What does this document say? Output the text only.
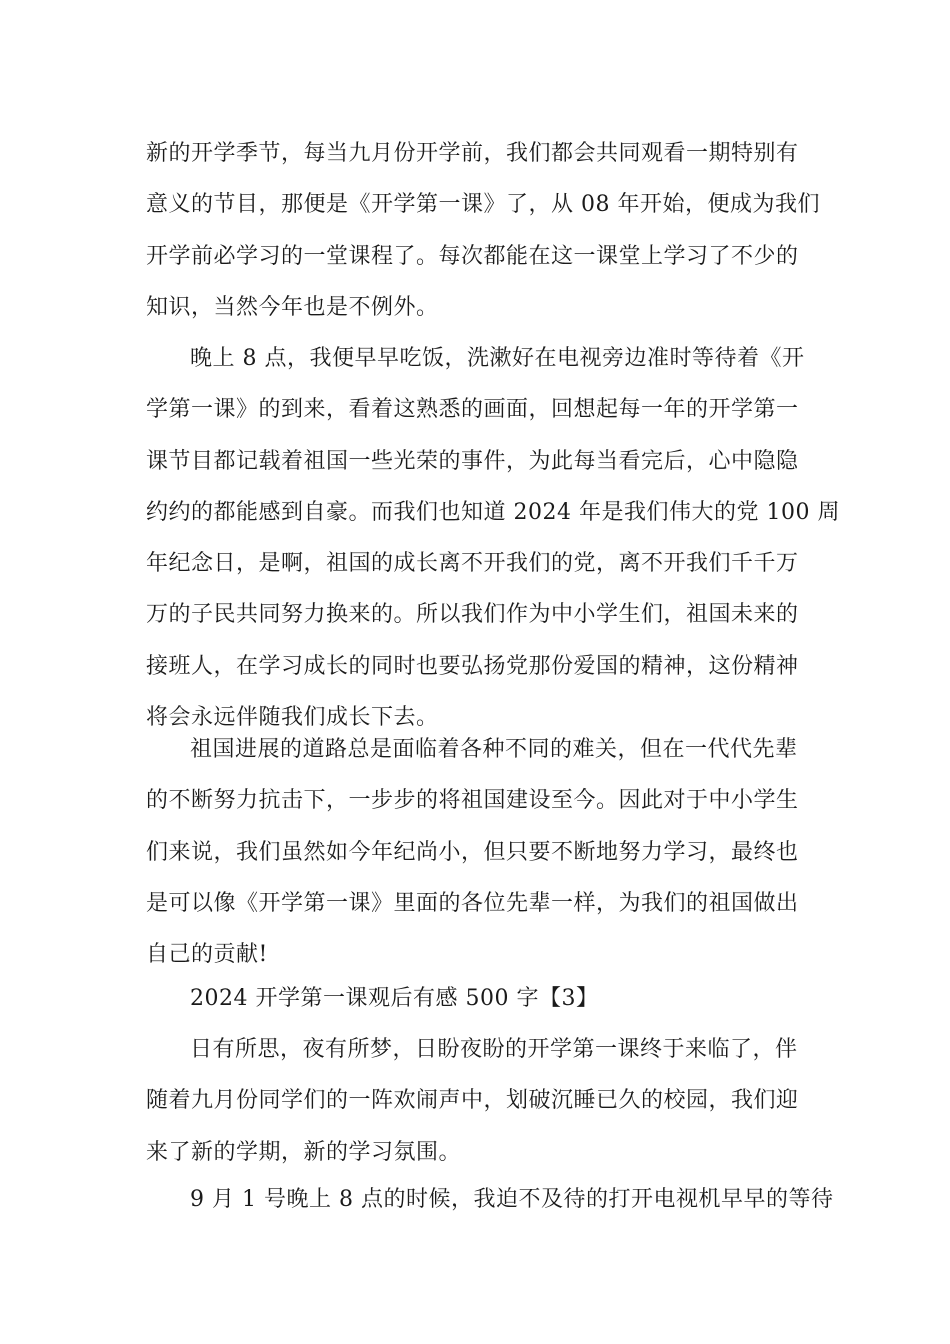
新的开学季节，每当九月份开学前，我们都会共同观看一期特别有
意义的节目，那便是《开学第一课》了，从 08 年开始，便成为我们
开学前必学习的一堂课程了。每次都能在这一课堂上学习了不少的
知识，当然今年也是不例外。
晚上 8 点，我便早早吃饭，洗漱好在电视旁边准时等待着《开
学第一课》的到来，看着这熟悉的画面，回想起每一年的开学第一
课节目都记载着祖国一些光荣的事件，为此每当看完后，心中隐隐
约约的都能感到自豪。而我们也知道 2024 年是我们伟大的党 100 周
年纪念日，是啊，祖国的成长离不开我们的党，离不开我们千千万
万的子民共同努力换来的。所以我们作为中小学生们，祖国未来的
接班人，在学习成长的同时也要弘扬党那份爱国的精神，这份精神
将会永远伴随我们成长下去。
祖国进展的道路总是面临着各种不同的难关，但在一代代先辈
的不断努力抗击下，一步步的将祖国建设至今。因此对于中小学生
们来说，我们虽然如今年纪尚小，但只要不断地努力学习，最终也
是可以像《开学第一课》里面的各位先辈一样，为我们的祖国做出
自己的贡献!
2024 开学第一课观后有感 500 字【3】
日有所思，夜有所梦，日盼夜盼的开学第一课终于来临了，伴
随着九月份同学们的一阵欢闹声中，划破沉睡已久的校园，我们迎
来了新的学期，新的学习氛围。
9 月 1 号晚上 8 点的时候，我迫不及待的打开电视机早早的等待
